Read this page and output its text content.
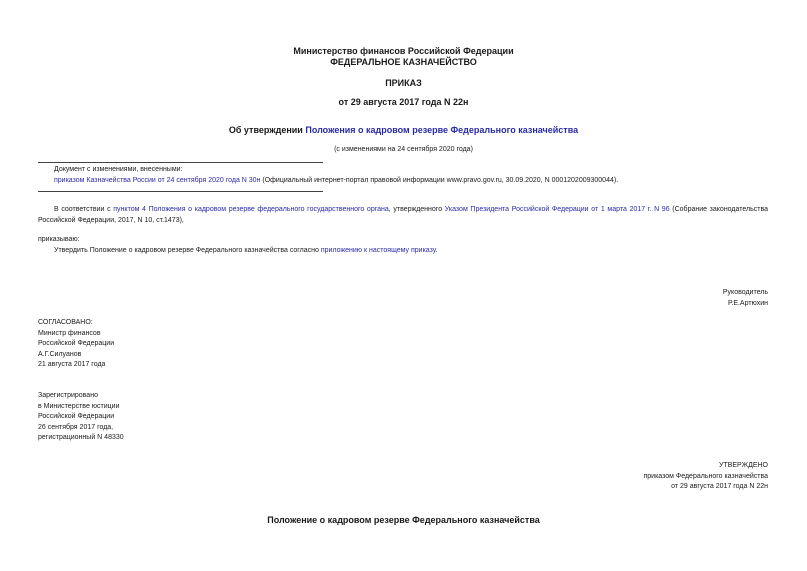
Министерство финансов Российской Федерации
ФЕДЕРАЛЬНОЕ КАЗНАЧЕЙСТВО
ПРИКАЗ
от 29 августа 2017 года N 22н
Об утверждении Положения о кадровом резерве Федерального казначейства
(с изменениями на 24 сентября 2020 года)
Документ с изменениями, внесенными:
приказом Казначейства России от 24 сентября 2020 года N 30н (Официальный интернет-портал правовой информации www.pravo.gov.ru, 30.09.2020, N 0001202009300044).
В соответствии с пунктом 4 Положения о кадровом резерве федерального государственного органа, утвержденного Указом Президента Российской Федерации от 1 марта 2017 г. N 96 (Собрание законодательства Российской Федерации, 2017, N 10, ст.1473),
приказываю:
Утвердить Положение о кадровом резерве Федерального казначейства согласно приложению к настоящему приказу.
Руководитель
Р.Е.Артюхин
СОГЛАСОВАНО:
Министр финансов
Российской Федерации
А.Г.Силуанов
21 августа 2017 года
Зарегистрировано
в Министерстве юстиции
Российской Федерации
26 сентября 2017 года,
регистрационный N 48330
УТВЕРЖДЕНО
приказом Федерального казначейства
от 29 августа 2017 года N 22н
Положение о кадровом резерве Федерального казначейства
